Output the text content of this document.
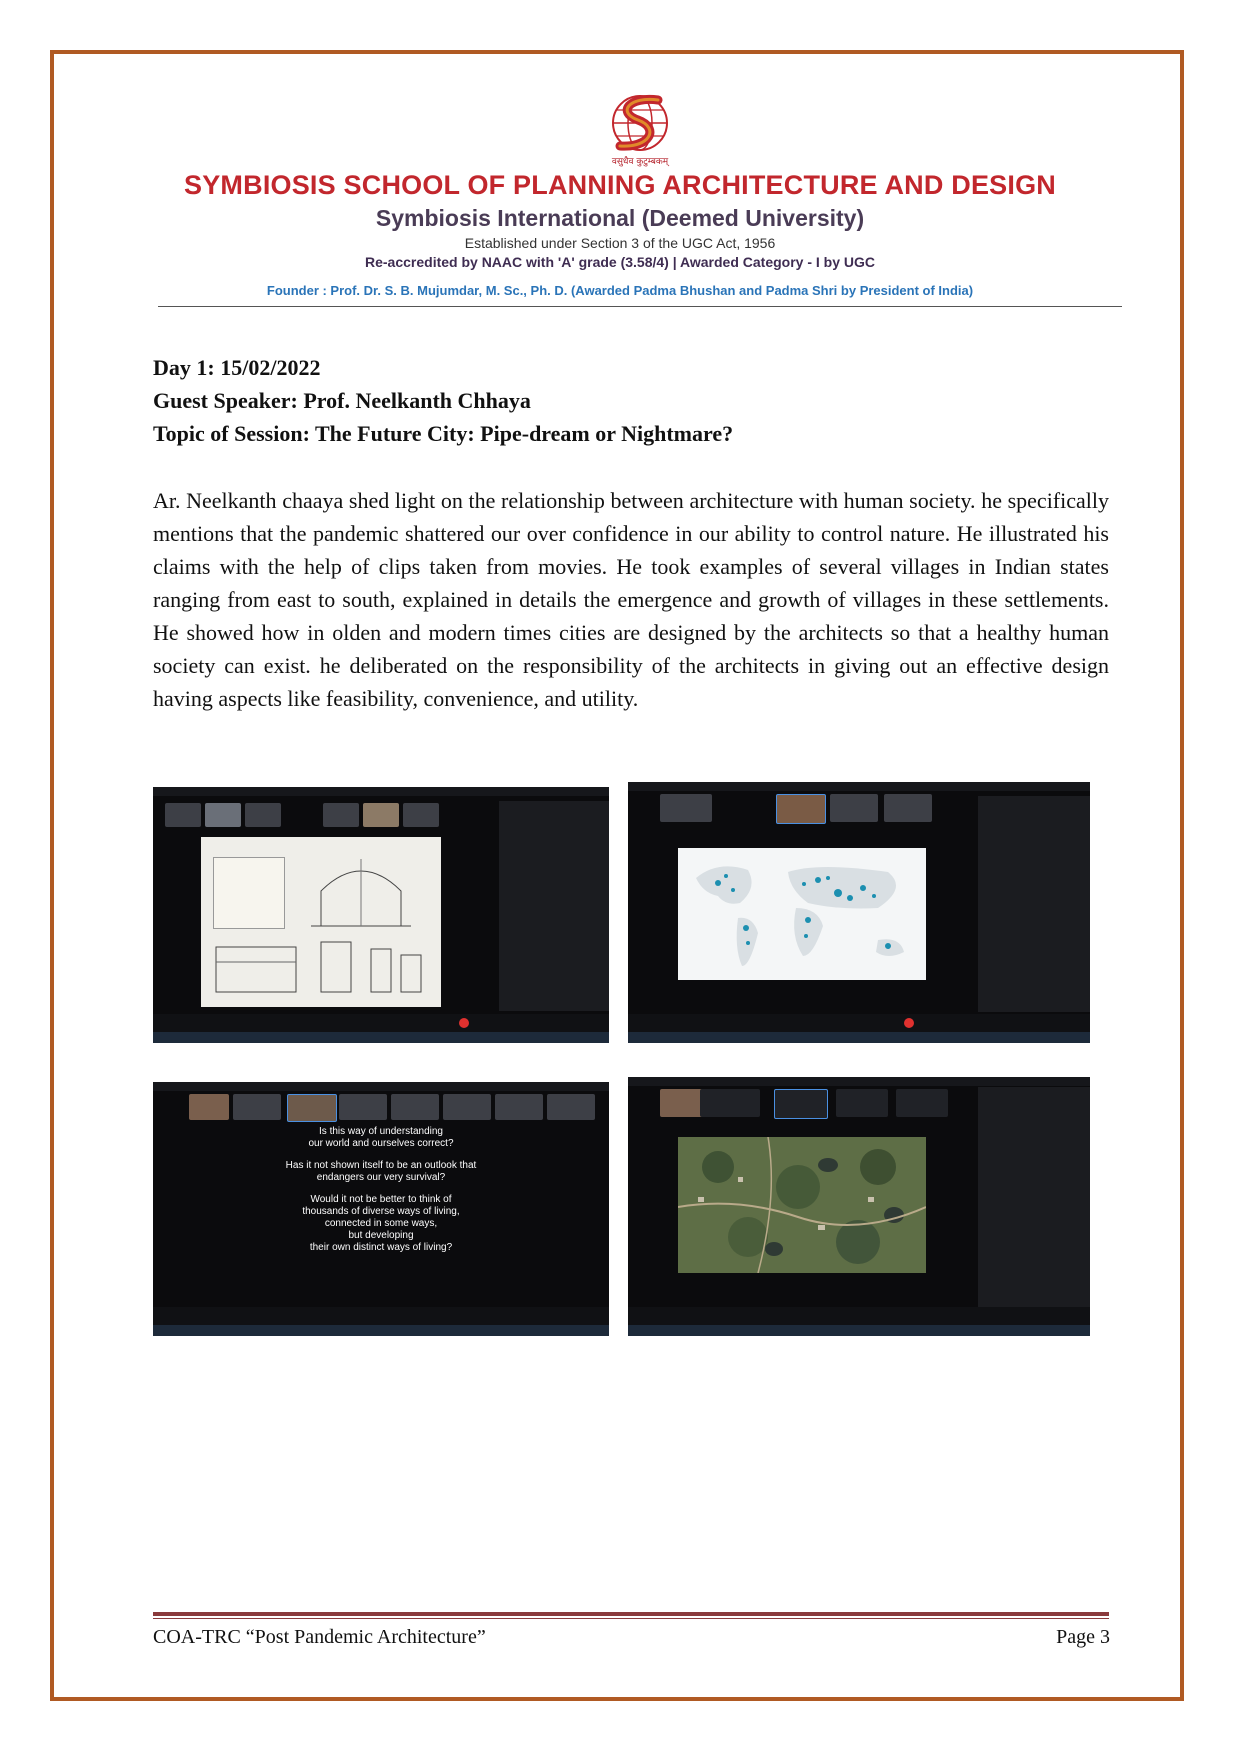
वसुधैव कुटुम्बकम्
SYMBIOSIS SCHOOL OF PLANNING ARCHITECTURE AND DESIGN
Symbiosis International (Deemed University)
Established under Section 3 of the UGC Act, 1956
Re-accredited by NAAC with 'A' grade (3.58/4) | Awarded Category - I by UGC
Founder : Prof. Dr. S. B. Mujumdar, M. Sc., Ph. D. (Awarded Padma Bhushan and Padma Shri by President of India)
Day 1: 15/02/2022
Guest Speaker: Prof. Neelkanth Chhaya
Topic of Session: The Future City: Pipe-dream or Nightmare?

Ar. Neelkanth chaaya shed light on the relationship between architecture with human society. he specifically mentions that the pandemic shattered our over confidence in our ability to control nature. He illustrated his claims with the help of clips taken from movies. He took examples of several villages in Indian states ranging from east to south, explained in details the emergence and growth of villages in these settlements. He showed how in olden and modern times cities are designed by the architects so that a healthy human society can exist. he deliberated on the responsibility of the architects in giving out an effective design having aspects like feasibility, convenience, and utility.

Is this way of understanding
our world and ourselves correct?

Has it not shown itself to be an outlook that
endangers our very survival?

Would it not be better to think of
thousands of diverse ways of living,
connected in some ways,
but developing
their own distinct ways of living?

COA-TRC “Post Pandemic Architecture”	Page 3
